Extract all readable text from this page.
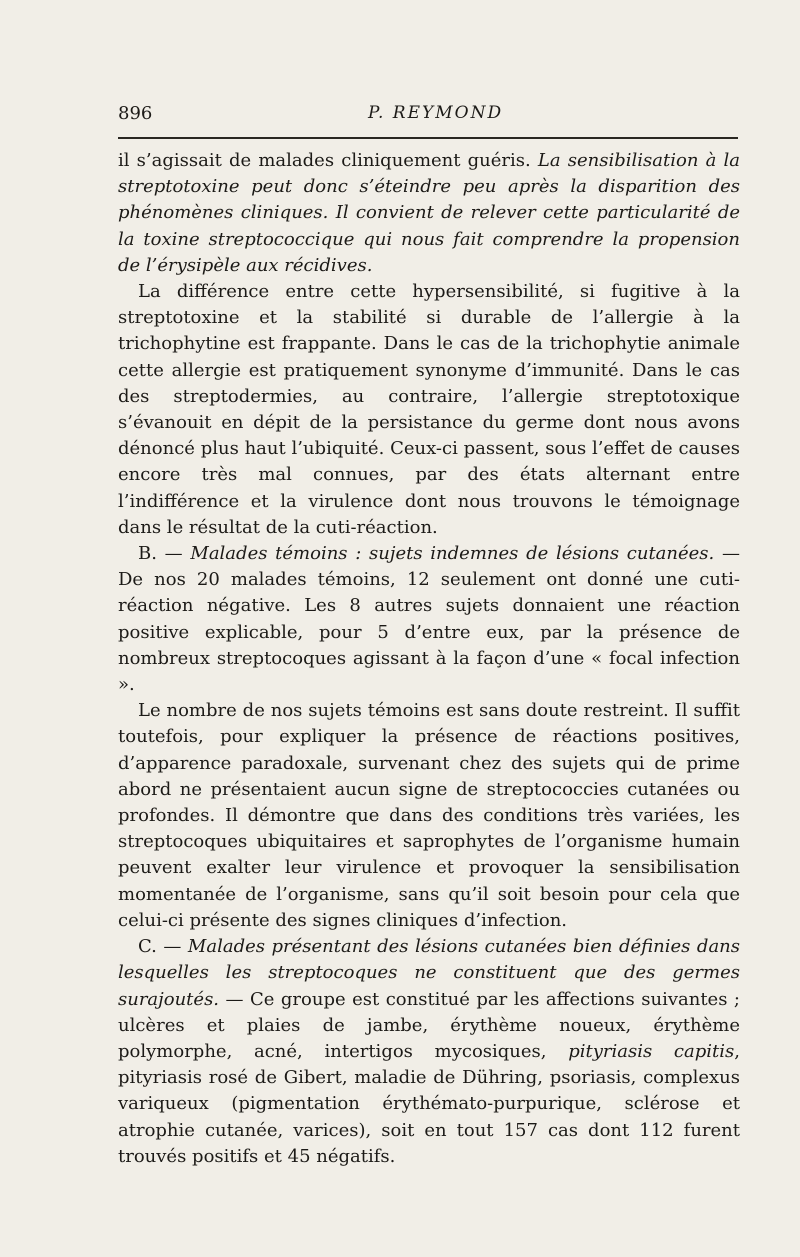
896	P. REYMOND

il s’agissait de malades cliniquement guéris. La sensibilisation à la streptotoxine peut donc s’éteindre peu après la disparition des phénomènes cliniques. Il convient de relever cette particularité de la toxine streptococcique qui nous fait comprendre la propension de l’érysipèle aux récidives.

La différence entre cette hypersensibilité, si fugitive à la streptotoxine et la stabilité si durable de l’allergie à la trichophytine est frappante. Dans le cas de la trichophytie animale cette allergie est pratiquement synonyme d’immunité. Dans le cas des streptodermies, au contraire, l’allergie streptotoxique s’évanouit en dépit de la persistance du germe dont nous avons dénoncé plus haut l’ubiquité. Ceux-ci passent, sous l’effet de causes encore très mal connues, par des états alternant entre l’indifférence et la virulence dont nous trouvons le témoignage dans le résultat de la cuti-réaction.

B. — Malades témoins : sujets indemnes de lésions cutanées. — De nos 20 malades témoins, 12 seulement ont donné une cuti-réaction négative. Les 8 autres sujets donnaient une réaction positive explicable, pour 5 d’entre eux, par la présence de nombreux streptocoques agissant à la façon d’une « focal infection ».

Le nombre de nos sujets témoins est sans doute restreint. Il suffit toutefois, pour expliquer la présence de réactions positives, d’apparence paradoxale, survenant chez des sujets qui de prime abord ne présentaient aucun signe de streptococcies cutanées ou profondes. Il démontre que dans des conditions très variées, les streptocoques ubiquitaires et saprophytes de l’organisme humain peuvent exalter leur virulence et provoquer la sensibilisation momentanée de l’organisme, sans qu’il soit besoin pour cela que celui-ci présente des signes cliniques d’infection.

C. — Malades présentant des lésions cutanées bien définies dans lesquelles les streptocoques ne constituent que des germes surajoutés. — Ce groupe est constitué par les affections suivantes ; ulcères et plaies de jambe, érythème noueux, érythème polymorphe, acné, intertigos mycosiques, pityriasis capitis, pityriasis rosé de Gibert, maladie de Dühring, psoriasis, complexus variqueux (pigmentation érythémato-purpurique, sclérose et atrophie cutanée, varices), soit en tout 157 cas dont 112 furent trouvés positifs et 45 négatifs.
